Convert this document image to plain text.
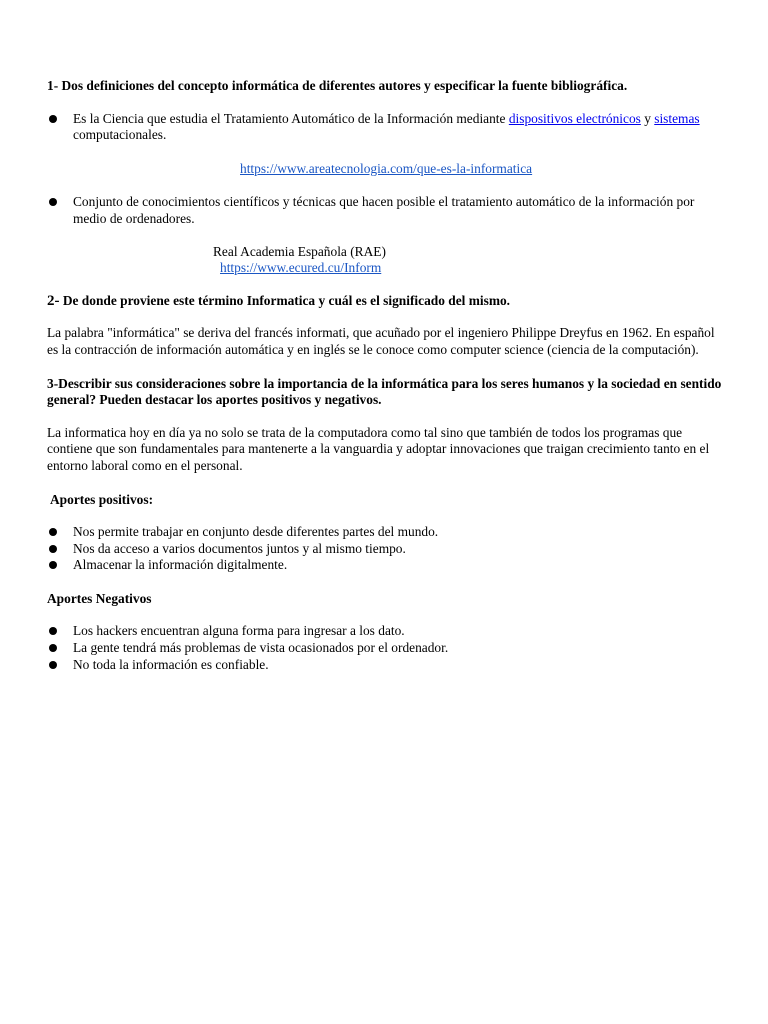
1- Dos definiciones del concepto informática de diferentes autores y especificar la fuente bibliográfica.

Es la Ciencia que estudia el Tratamiento Automático de la Información mediante dispositivos electrónicos y sistemas computacionales.
https://www.areatecnologia.com/que-es-la-informatica
Conjunto de conocimientos científicos y técnicas que hacen posible el tratamiento automático de la información por medio de ordenadores.
Real Academia Española (RAE)
https://www.ecured.cu/Inform

2- De donde proviene este término Informatica y cuál es el significado del mismo.

La palabra "informática" se deriva del francés informati, que acuñado por el ingeniero Philippe Dreyfus en 1962. En español es la contracción de información automática y en inglés se le conoce como computer science (ciencia de la computación).

3-Describir sus consideraciones sobre la importancia de la informática para los seres humanos y la sociedad en sentido general? Pueden destacar los aportes positivos y negativos.

La informatica hoy en día ya no solo se trata de la computadora como tal sino que también de todos los programas que contiene que son fundamentales para mantenerte a la vanguardia y adoptar innovaciones que traigan crecimiento tanto en el entorno laboral como en el personal.

Aportes positivos:

Nos permite trabajar en conjunto desde diferentes partes del mundo.
Nos da acceso a varios documentos juntos y al mismo tiempo.
Almacenar la información digitalmente.

Aportes Negativos

Los hackers encuentran alguna forma para ingresar a los dato.
La gente tendrá más problemas de vista ocasionados por el ordenador.
No toda la información es confiable.
